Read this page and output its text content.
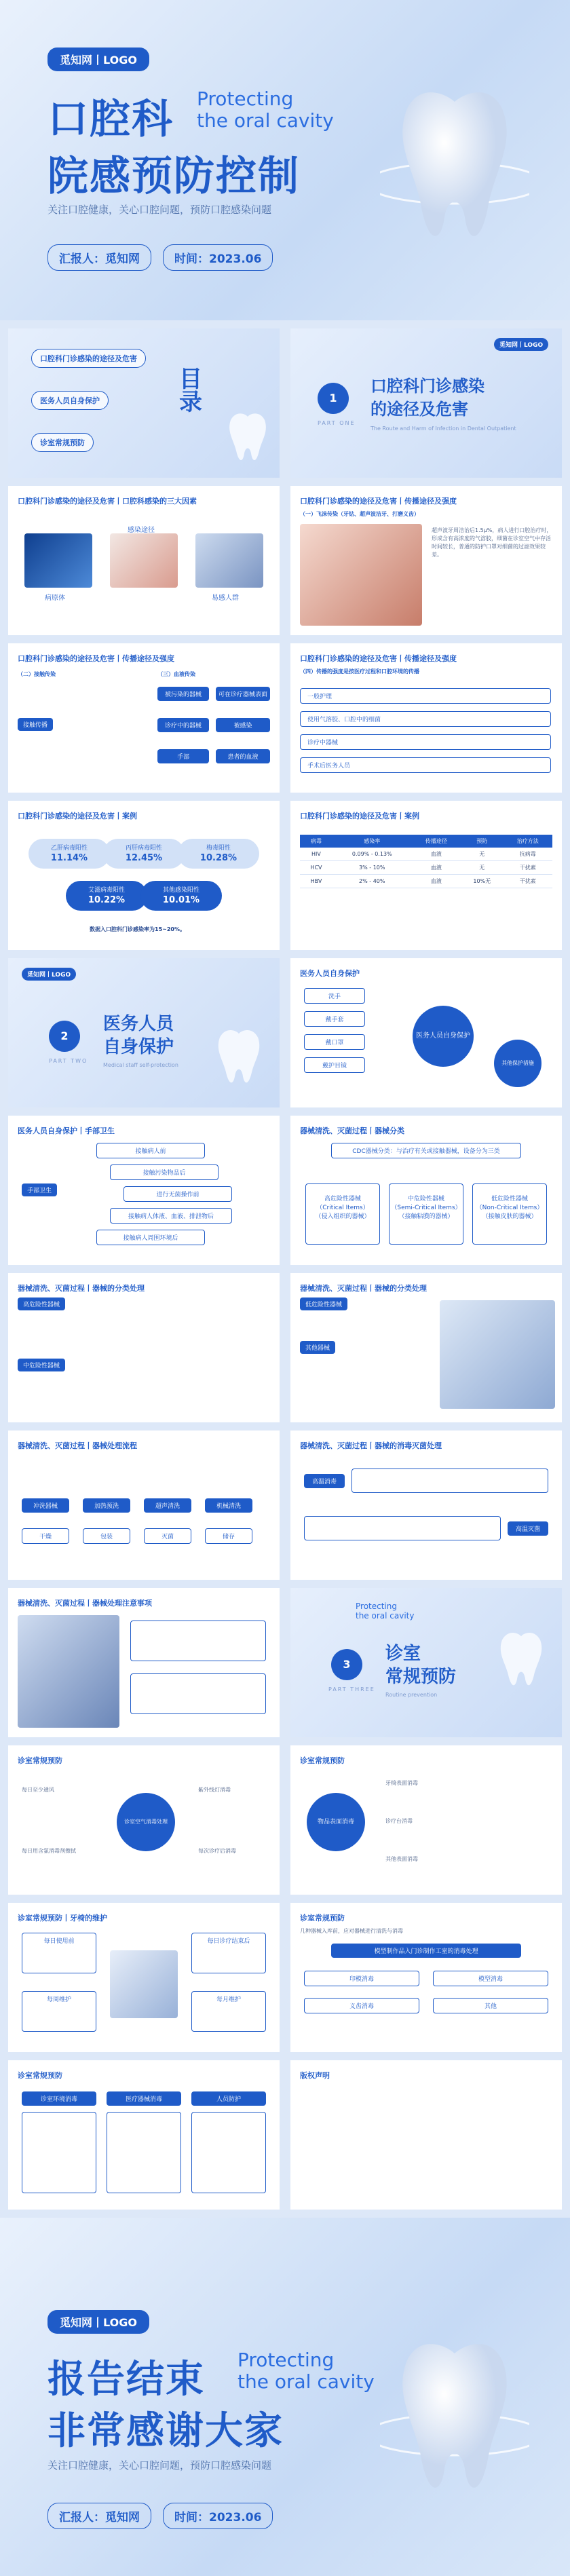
觅知网丨LOGO
口腔科 Protecting
the oral cavity
院感预防控制
关注口腔健康，关心口腔问题，预防口腔感染问题
汇报人：觅知网	时间：2023.06
口腔科门诊感染的途径及危害
医务人员自身保护
诊室常规预防
目
录
觅知网丨LOGO
1
PART ONE
口腔科门诊感染
的途径及危害
The Route and Harm of Infection in Dental Outpatient
口腔科门诊感染的途径及危害丨口腔科感染的三大因素
病原体
感染途径
易感人群
口腔科门诊感染的途径及危害丨传播途径及强度
（一）飞沫传染（牙钻、超声波洁牙、打磨义齿）
超声波牙周洁治后1.5μ%，病人进行口腔治疗时，形成含有高浓度的气溶胶，细菌在诊室空气中存活时间较长，普通的防护口罩对细菌的过滤效果较差。
口腔科门诊感染的途径及危害丨传播途径及强度
（二）接触传染	（三）血液传染
接触传播
被污染的器械	可在诊疗器械表面
诊疗中的器械	被感染
手部	患者的血液
口腔科门诊感染的途径及危害丨传播途径及强度
（四）传播的强度是按医疗过程和口腔环境的传播
一般护理
使用气溶胶、口腔中的细菌
诊疗中器械
手术后医务人员
口腔科门诊感染的途径及危害丨案例
乙肝病毒阳性
11.14%
丙肝病毒阳性
12.45%
梅毒阳性
10.28%
艾滋病毒阳性
10.22%
其他感染阳性
10.01%
数据入口腔科门诊感染率为15~20%。
口腔科门诊感染的途径及危害丨案例
病毒	感染率	传播途径	预防	治疗方法
HIV	0.09% - 0.13%	血液	无	抗病毒
HCV	3% - 10%	血液	无	干扰素
HBV	2% - 40%	血液	10%无	干扰素
觅知网丨LOGO
2
PART TWO
医务人员
自身保护
Medical staff self-protection
医务人员自身保护
洗手
戴手套
戴口罩
戴护目镜
医务人员自身保护
其他保护措施
医务人员自身保护丨手部卫生
手部卫生
接触病人前
接触污染物品后
进行无菌操作前
接触病人体液、血液、排泄物后
接触病人周围环境后
器械清洗、灭菌过程丨器械分类
CDC器械分类：与治疗有关或接触器械，设备分为三类
高危险性器械
（Critical Items）
（侵入组织的器械）
中危险性器械
（Semi-Critical Items）
（接触粘膜的器械）
低危险性器械
（Non-Critical Items）
（接触皮肤的器械）
器械清洗、灭菌过程丨器械的分类处理
高危险性器械
中危险性器械
器械清洗、灭菌过程丨器械的分类处理
低危险性器械
其他器械
器械清洗、灭菌过程丨器械处理流程
冲洗器械	加热预洗	超声清洗	机械清洗
干燥	包装	灭菌	储存
器械清洗、灭菌过程丨器械的消毒灭菌处理
高温消毒
高温灭菌
器械清洗、灭菌过程丨器械处理注意事项	Protecting
the oral cavity
3
PART THREE
诊室
常规预防
Routine prevention
诊室常规预防
诊室空气消毒处理
每日至少通风	紫外线灯消毒
每日用含氯消毒剂擦拭	每次诊疗后消毒
诊室常规预防
物品表面消毒
牙椅表面消毒
诊疗台消毒
其他表面消毒
诊室常规预防丨牙椅的维护
每日使用前	每日诊疗结束后
每周维护	每月维护
诊室常规预防
几种器械入库前，应对器械进行清洗与消毒
模型制作品入门诊制作工室的消毒处理
印模消毒	模型消毒
义齿消毒	其他
诊室常规预防
诊室环境消毒	医疗器械消毒	人员防护
版权声明
觅知网丨LOGO
报告结束 Protecting
the oral cavity
非常感谢大家
关注口腔健康，关心口腔问题，预防口腔感染问题
汇报人：觅知网	时间：2023.06
